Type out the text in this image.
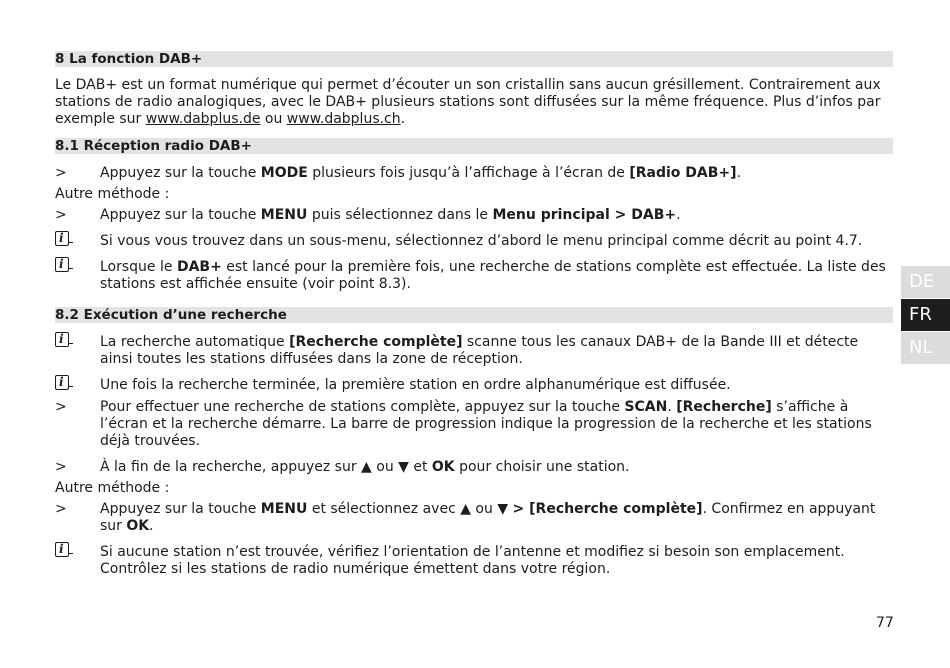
8 La fonction DAB+

Le DAB+ est un format numérique qui permet d’écouter un son cristallin sans aucun grésillement. Contrairement aux stations de radio analogiques, avec le DAB+ plusieurs stations sont diffusées sur la même fréquence. Plus d’infos par exemple sur www.dabplus.de ou www.dabplus.ch.

8.1 Réception radio DAB+
>	Appuyez sur la touche MODE plusieurs fois jusqu’à l’affichage à l’écran de [Radio DAB+].

Autre méthode :

>	Appuyez sur la touche MENU puis sélectionnez dans le Menu principal > DAB+.
i
Si vous vous trouvez dans un sous-menu, sélectionnez d’abord le menu principal comme décrit au point 4.7.
i
Lorsque le DAB+ est lancé pour la première fois, une recherche de stations complète est effectuée. La liste des stations est affichée ensuite (voir point 8.3).
8.2 Exécution d’une recherche
i
La recherche automatique [Recherche complète] scanne tous les canaux DAB+ de la Bande III et détecte ainsi toutes les stations diffusées dans la zone de réception.
i
Une fois la recherche terminée, la première station en ordre alphanumérique est diffusée.
>	Pour effectuer une recherche de stations complète, appuyez sur la touche SCAN. [Recherche] s’affiche à l’écran et la recherche démarre. La barre de progression indique la progression de la recherche et les stations déjà trouvées.
>	À la fin de la recherche, appuyez sur ▲ ou ▼ et OK pour choisir une station.

Autre méthode :

>	Appuyez sur la touche MENU et sélectionnez avec ▲ ou ▼ > [Recherche complète]. Confirmez en appuyant sur OK.
i
Si aucune station n’est trouvée, vérifiez l’orientation de l’antenne et modifiez si besoin son emplacement. Contrôlez si les stations de radio numérique émettent dans votre région.
DE
FR
NL
77
